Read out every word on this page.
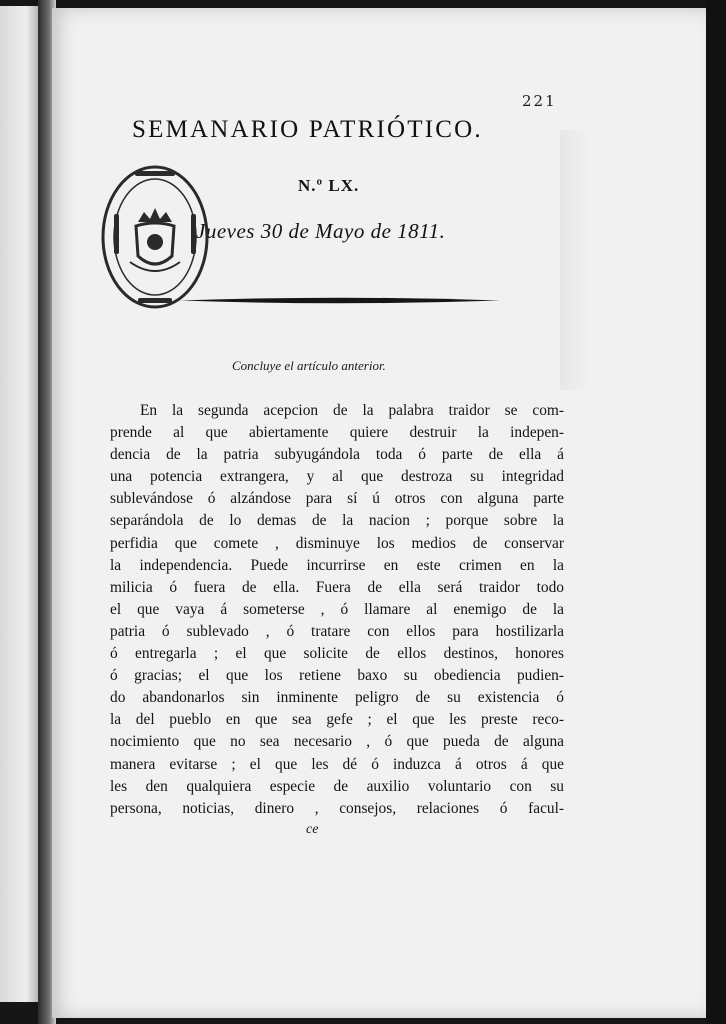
221
SEMANARIO PATRIÓTICO.
N.º LX.
Jueves 30 de Mayo de 1811.
Concluye el artículo anterior.
En la segunda acepcion de la palabra traidor se com-
prende al que abiertamente quiere destruir la indepen-
dencia de la patria subyugándola toda ó parte de ella á
una potencia extrangera, y al que destroza su integridad
sublevándose ó alzándose para sí ú otros con alguna parte
separándola de lo demas de la nacion ; porque sobre la
perfidia que comete , disminuye los medios de conservar
la independencia. Puede incurrirse en este crimen en la
milicia ó fuera de ella. Fuera de ella será traidor todo
el que vaya á someterse , ó llamare al enemigo de la
patria ó sublevado , ó tratare con ellos para hostilizarla
ó entregarla ; el que solicite de ellos destinos, honores
ó gracias; el que los retiene baxo su obediencia pudien-
do abandonarlos sin inminente peligro de su existencia ó
la del pueblo en que sea gefe ; el que les preste reco-
nocimiento que no sea necesario , ó que pueda de alguna
manera evitarse ; el que les dé ó induzca á otros á que
les den qualquiera especie de auxilio voluntario con su
persona, noticias, dinero , consejos, relaciones ó facul-
ce
